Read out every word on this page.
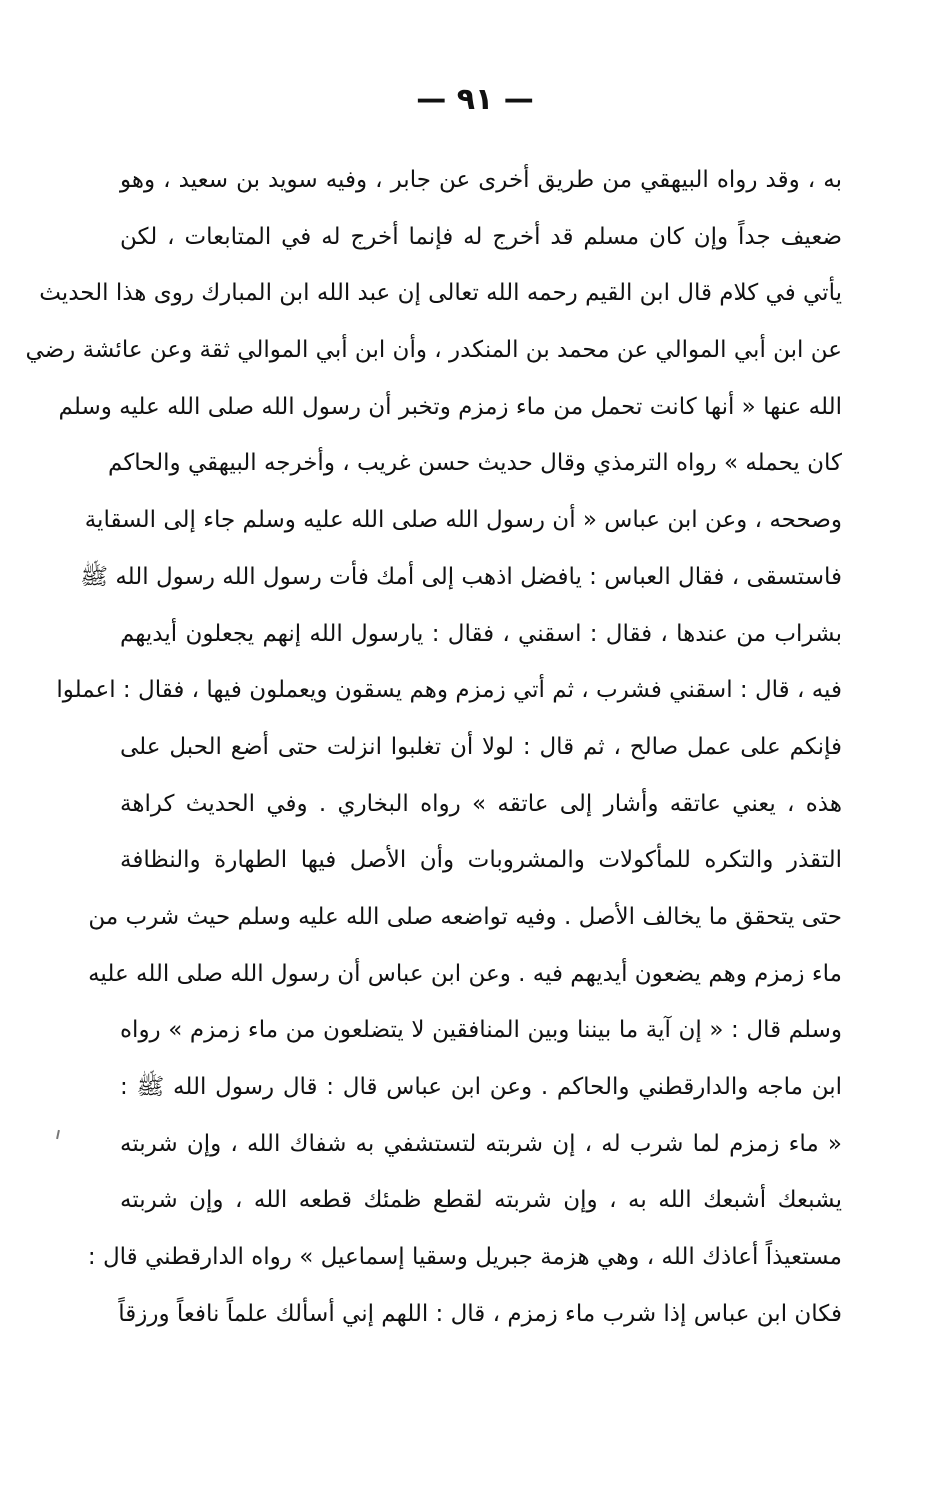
— ٩١ —
به ، وقد رواه البيهقي من طريق أخرى عن جابر ، وفيه سويد بن سعيد ، وهو
ضعيف جداً وإن كان مسلم قد أخرج له فإنما أخرج له في المتابعات ، لكن
يأتي في كلام قال ابن القيم رحمه الله تعالى إن عبد الله ابن المبارك روى هذا الحديث
عن ابن أبي الموالي عن محمد بن المنكدر ، وأن ابن أبي الموالي ثقة وعن عائشة رضي
الله عنها « أنها كانت تحمل من ماء زمزم وتخبر أن رسول الله صلى الله عليه وسلم
كان يحمله » رواه الترمذي وقال حديث حسن غريب ، وأخرجه البيهقي والحاكم
وصححه ، وعن ابن عباس « أن رسول الله صلى الله عليه وسلم جاء إلى السقاية
فاستسقى ، فقال العباس : يافضل اذهب إلى أمك فأت رسول الله رسول الله ﷺ
بشراب من عندها ، فقال : اسقني ، فقال : يارسول الله إنهم يجعلون أيديهم
فيه ، قال : اسقني فشرب ، ثم أتي زمزم وهم يسقون ويعملون فيها ، فقال : اعملوا
فإنكم على عمل صالح ، ثم قال : لولا أن تغلبوا انزلت حتى أضع الحبل على
هذه ، يعني عاتقه وأشار إلى عاتقه » رواه البخاري . وفي الحديث كراهة
التقذر والتكره للمأكولات والمشروبات وأن الأصل فيها الطهارة والنظافة
حتى يتحقق ما يخالف الأصل . وفيه تواضعه صلى الله عليه وسلم حيث شرب من
ماء زمزم وهم يضعون أيديهم فيه . وعن ابن عباس أن رسول الله صلى الله عليه
وسلم قال : « إن آية ما بيننا وبين المنافقين لا يتضلعون من ماء زمزم » رواه
ابن ماجه والدارقطني والحاكم . وعن ابن عباس قال : قال رسول الله ﷺ :
« ماء زمزم لما شرب له ، إن شربته لتستشفي به شفاك الله ، وإن شربته
يشبعك أشبعك الله به ، وإن شربته لقطع ظمئك قطعه الله ، وإن شربته
مستعيذاً أعاذك الله ، وهي هزمة جبريل وسقيا إسماعيل » رواه الدارقطني قال :
فكان ابن عباس إذا شرب ماء زمزم ، قال : اللهم إني أسألك علماً نافعاً ورزقاً
